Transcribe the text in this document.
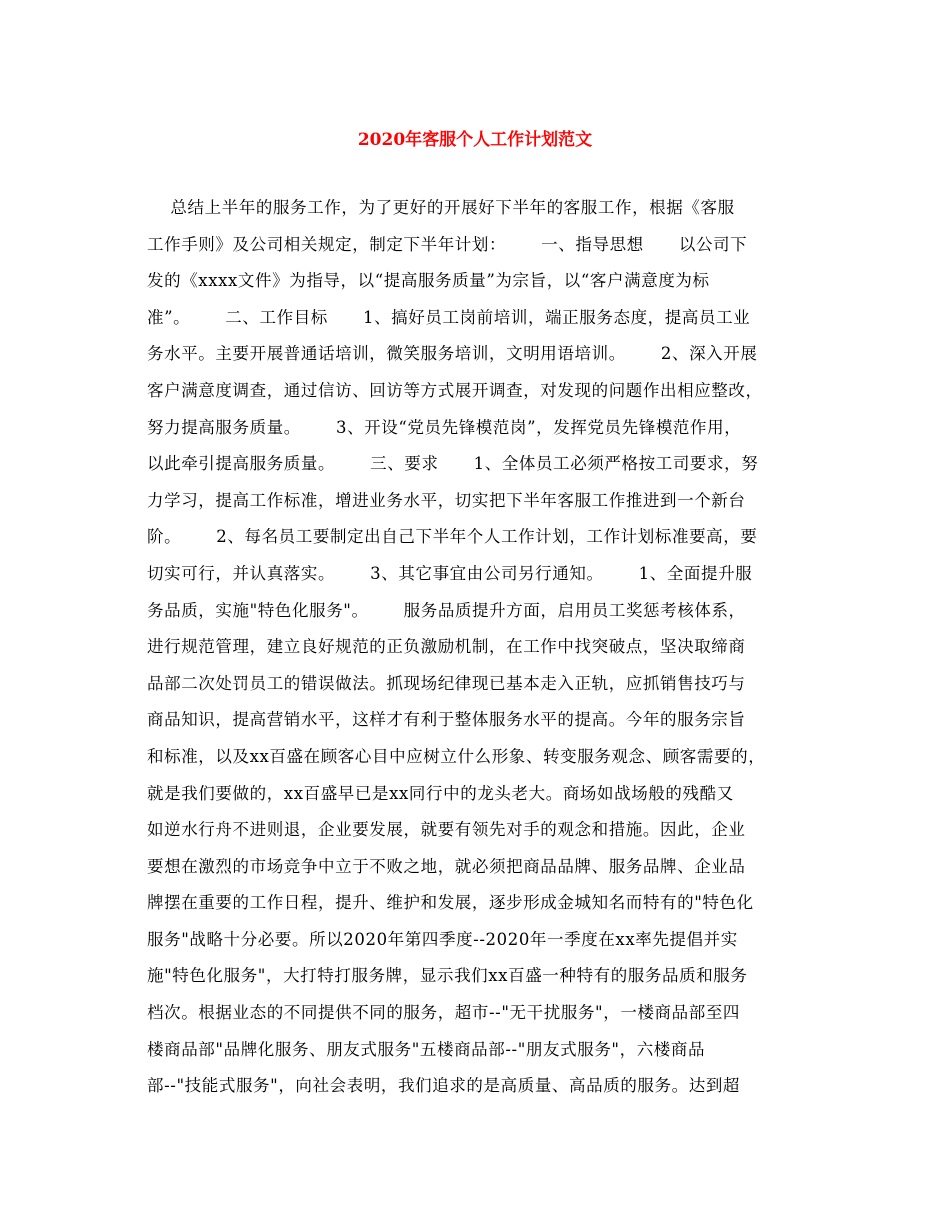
2020年客服个人工作计划范文
总结上半年的服务工作，为了更好的开展好下半年的客服工作，根据《客服
工作手则》及公司相关规定，制定下半年计划：      一、指导思想      以公司下
发的《xxxx文件》为指导，以“提高服务质量”为宗旨，以“客户满意度为标
准”。      二、工作目标      1、搞好员工岗前培训，端正服务态度，提高员工业
务水平。主要开展普通话培训，微笑服务培训，文明用语培训。      2、深入开展
客户满意度调查，通过信访、回访等方式展开调查，对发现的问题作出相应整改，
努力提高服务质量。      3、开设“党员先锋模范岗”，发挥党员先锋模范作用，
以此牵引提高服务质量。      三、要求      1、全体员工必须严格按工司要求，努
力学习，提高工作标准，增进业务水平，切实把下半年客服工作推进到一个新台
阶。      2、每名员工要制定出自己下半年个人工作计划，工作计划标准要高，要
切实可行，并认真落实。      3、其它事宜由公司另行通知。      1、全面提升服
务品质，实施"特色化服务"。      服务品质提升方面，启用员工奖惩考核体系，
进行规范管理，建立良好规范的正负激励机制，在工作中找突破点，坚决取缔商
品部二次处罚员工的错误做法。抓现场纪律现已基本走入正轨，应抓销售技巧与
商品知识，提高营销水平，这样才有利于整体服务水平的提高。今年的服务宗旨
和标准，以及xx百盛在顾客心目中应树立什么形象、转变服务观念、顾客需要的，
就是我们要做的，xx百盛早已是xx同行中的龙头老大。商场如战场般的残酷又
如逆水行舟不进则退，企业要发展，就要有领先对手的观念和措施。因此，企业
要想在激烈的市场竞争中立于不败之地，就必须把商品品牌、服务品牌、企业品
牌摆在重要的工作日程，提升、维护和发展，逐步形成金城知名而特有的"特色化
服务"战略十分必要。所以2020年第四季度--2020年一季度在xx率先提倡并实
施"特色化服务"，大打特打服务牌，显示我们xx百盛一种特有的服务品质和服务
档次。根据业态的不同提供不同的服务，超市--"无干扰服务"，一楼商品部至四
楼商品部"品牌化服务、朋友式服务"五楼商品部--"朋友式服务"，六楼商品
部--"技能式服务"，向社会表明，我们追求的是高质量、高品质的服务。达到超
